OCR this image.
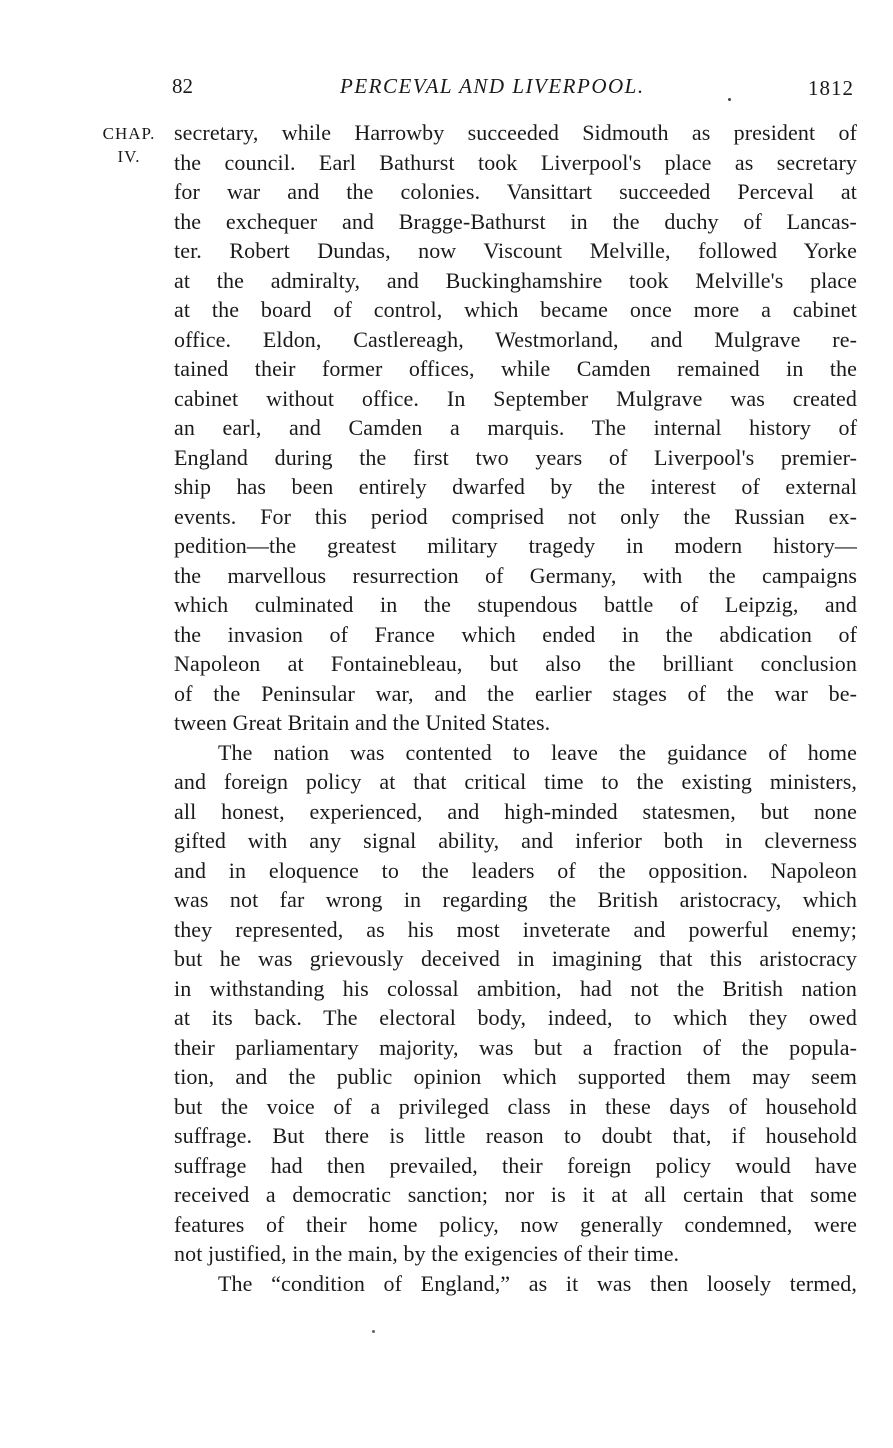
82	PERCEVAL AND LIVERPOOL.	1812
CHAP.
IV.
secretary, while Harrowby succeeded Sidmouth as president of
the council. Earl Bathurst took Liverpool's place as secretary
for war and the colonies. Vansittart succeeded Perceval at
the exchequer and Bragge-Bathurst in the duchy of Lancas-
ter. Robert Dundas, now Viscount Melville, followed Yorke
at the admiralty, and Buckinghamshire took Melville's place
at the board of control, which became once more a cabinet
office. Eldon, Castlereagh, Westmorland, and Mulgrave re-
tained their former offices, while Camden remained in the
cabinet without office. In September Mulgrave was created
an earl, and Camden a marquis. The internal history of
England during the first two years of Liverpool's premier-
ship has been entirely dwarfed by the interest of external
events. For this period comprised not only the Russian ex-
pedition—the greatest military tragedy in modern history—
the marvellous resurrection of Germany, with the campaigns
which culminated in the stupendous battle of Leipzig, and
the invasion of France which ended in the abdication of
Napoleon at Fontainebleau, but also the brilliant conclusion
of the Peninsular war, and the earlier stages of the war be-
tween Great Britain and the United States.
The nation was contented to leave the guidance of home
and foreign policy at that critical time to the existing ministers,
all honest, experienced, and high-minded statesmen, but none
gifted with any signal ability, and inferior both in cleverness
and in eloquence to the leaders of the opposition. Napoleon
was not far wrong in regarding the British aristocracy, which
they represented, as his most inveterate and powerful enemy;
but he was grievously deceived in imagining that this aristocracy
in withstanding his colossal ambition, had not the British nation
at its back. The electoral body, indeed, to which they owed
their parliamentary majority, was but a fraction of the popula-
tion, and the public opinion which supported them may seem
but the voice of a privileged class in these days of household
suffrage. But there is little reason to doubt that, if household
suffrage had then prevailed, their foreign policy would have
received a democratic sanction; nor is it at all certain that some
features of their home policy, now generally condemned, were
not justified, in the main, by the exigencies of their time.
The “condition of England,” as it was then loosely termed,
